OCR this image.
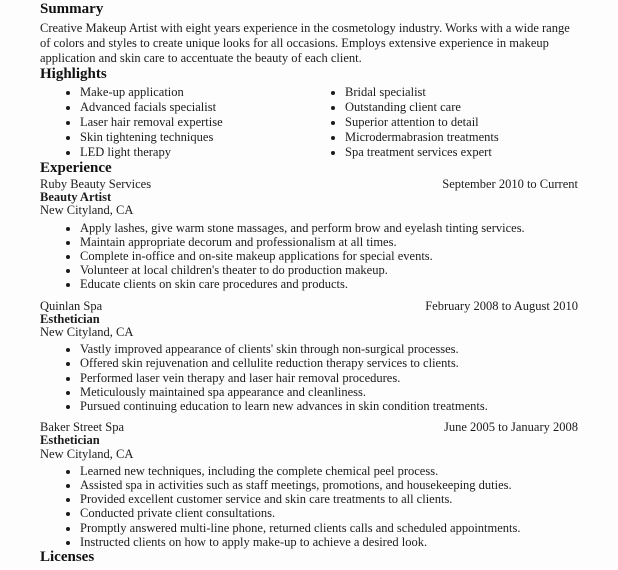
Summary

Creative Makeup Artist with eight years experience in the cosmetology industry. Works with a wide range of colors and styles to create unique looks for all occasions. Employs extensive experience in makeup application and skin care to accentuate the beauty of each client.

Highlights
• Make-up application
• Advanced facials specialist
• Laser hair removal expertise
• Skin tightening techniques
• LED light therapy
• Bridal specialist
• Outstanding client care
• Superior attention to detail
• Microdermabrasion treatments
• Spa treatment services expert
Experience
Ruby Beauty Services	September 2010 to Current
Beauty Artist
New Cityland, CA
• Apply lashes, give warm stone massages, and perform brow and eyelash tinting services.
• Maintain appropriate decorum and professionalism at all times.
• Complete in-office and on-site makeup applications for special events.
• Volunteer at local children's theater to do production makeup.
• Educate clients on skin care procedures and products.
Quinlan Spa	February 2008 to August 2010
Esthetician
New Cityland, CA
• Vastly improved appearance of clients' skin through non-surgical processes.
• Offered skin rejuvenation and cellulite reduction therapy services to clients.
• Performed laser vein therapy and laser hair removal procedures.
• Meticulously maintained spa appearance and cleanliness.
• Pursued continuing education to learn new advances in skin condition treatments.
Baker Street Spa	June 2005 to January 2008
Esthetician
New Cityland, CA
• Learned new techniques, including the complete chemical peel process.
• Assisted spa in activities such as staff meetings, promotions, and housekeeping duties.
• Provided excellent customer service and skin care treatments to all clients.
• Conducted private client consultations.
• Promptly answered multi-line phone, returned clients calls and scheduled appointments.
• Instructed clients on how to apply make-up to achieve a desired look.
Licenses
